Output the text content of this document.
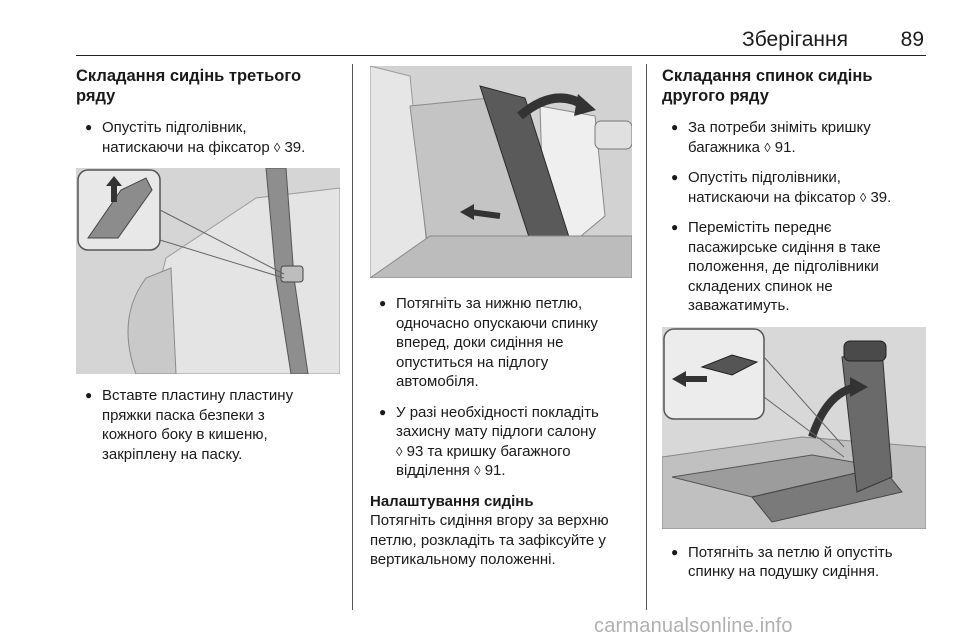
Зберігання	89
Складання сидінь третього ряду
● Опустіть підголівник,
натискаючи на фіксатор ◊ 39.
● Вставте пластину пластину
пряжки паска безпеки з
кожного боку в кишеню,
закріплену на паску.
● Потягніть за нижню петлю,
одночасно опускаючи спинку
вперед, доки сидіння не
опуститься на підлогу
автомобіля.
● У разі необхідності покладіть
захисну мату підлоги салону
◊ 93 та кришку багажного
відділення ◊ 91.
Налаштування сидінь

Потягніть сидіння вгору за верхню
петлю, розкладіть та зафіксуйте у
вертикальному положенні.

Складання спинок сидінь другого ряду
● За потреби зніміть кришку
багажника ◊ 91.
● Опустіть підголівники,
натискаючи на фіксатор ◊ 39.
● Перемістіть переднє
пасажирське сидіння в таке
положення, де підголівники
складених спинок не
заважатимуть.
● Потягніть за петлю й опустіть
спинку на подушку сидіння.
carmanualsonline.info
